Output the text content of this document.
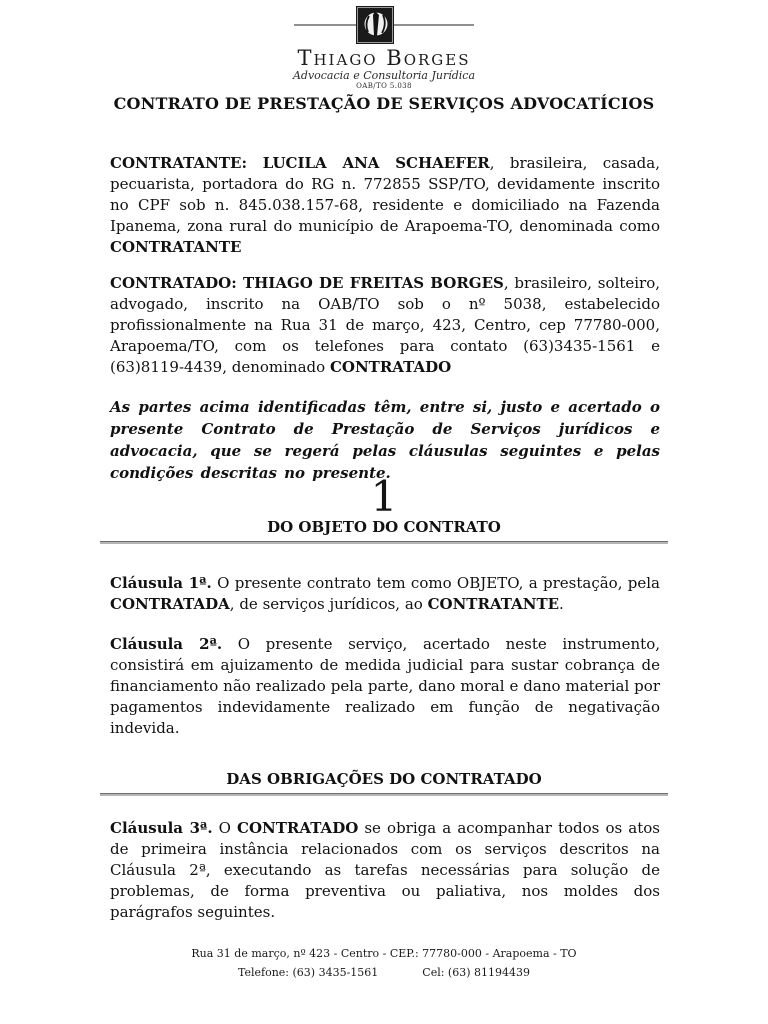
Thiago Borges
Advocacia e Consultoria Jurídica
OAB/TO 5.038
CONTRATO DE PRESTAÇÃO DE SERVIÇOS ADVOCATÍCIOS

CONTRATANTE: LUCILA ANA SCHAEFER, brasileira, casada, pecuarista, portadora do RG n. 772855 SSP/TO, devidamente inscrito no CPF sob n. 845.038.157-68, residente e domiciliado na Fazenda Ipanema, zona rural do município de Arapoema-TO, denominada como CONTRATANTE

CONTRATADO: THIAGO DE FREITAS BORGES, brasileiro, solteiro, advogado, inscrito na OAB/TO sob o nº 5038, estabelecido profissionalmente na Rua 31 de março, 423, Centro, cep 77780-000, Arapoema/TO, com os telefones para contato (63)3435-1561 e (63)8119-4439, denominado CONTRATADO

As partes acima identificadas têm, entre si, justo e acertado o presente Contrato de Prestação de Serviços jurídicos e advocacia, que se regerá pelas cláusulas seguintes e pelas condições descritas no presente.

1
DO OBJETO DO CONTRATO

Cláusula 1ª. O presente contrato tem como OBJETO, a prestação, pela CONTRATADA, de serviços jurídicos, ao CONTRATANTE.

Cláusula 2ª. O presente serviço, acertado neste instrumento, consistirá em ajuizamento de medida judicial para sustar cobrança de financiamento não realizado pela parte, dano moral e dano material por pagamentos indevidamente realizado em função de negativação indevida.

DAS OBRIGAÇÕES DO CONTRATADO

Cláusula 3ª. O CONTRATADO se obriga a acompanhar todos os atos de primeira instância relacionados com os serviços descritos na Cláusula 2ª, executando as tarefas necessárias para solução de problemas, de forma preventiva ou paliativa, nos moldes dos parágrafos seguintes.

Rua 31 de março, nº 423 - Centro - CEP.: 77780-000 - Arapoema - TO
Telefone: (63) 3435-1561	Cel: (63) 81194439
